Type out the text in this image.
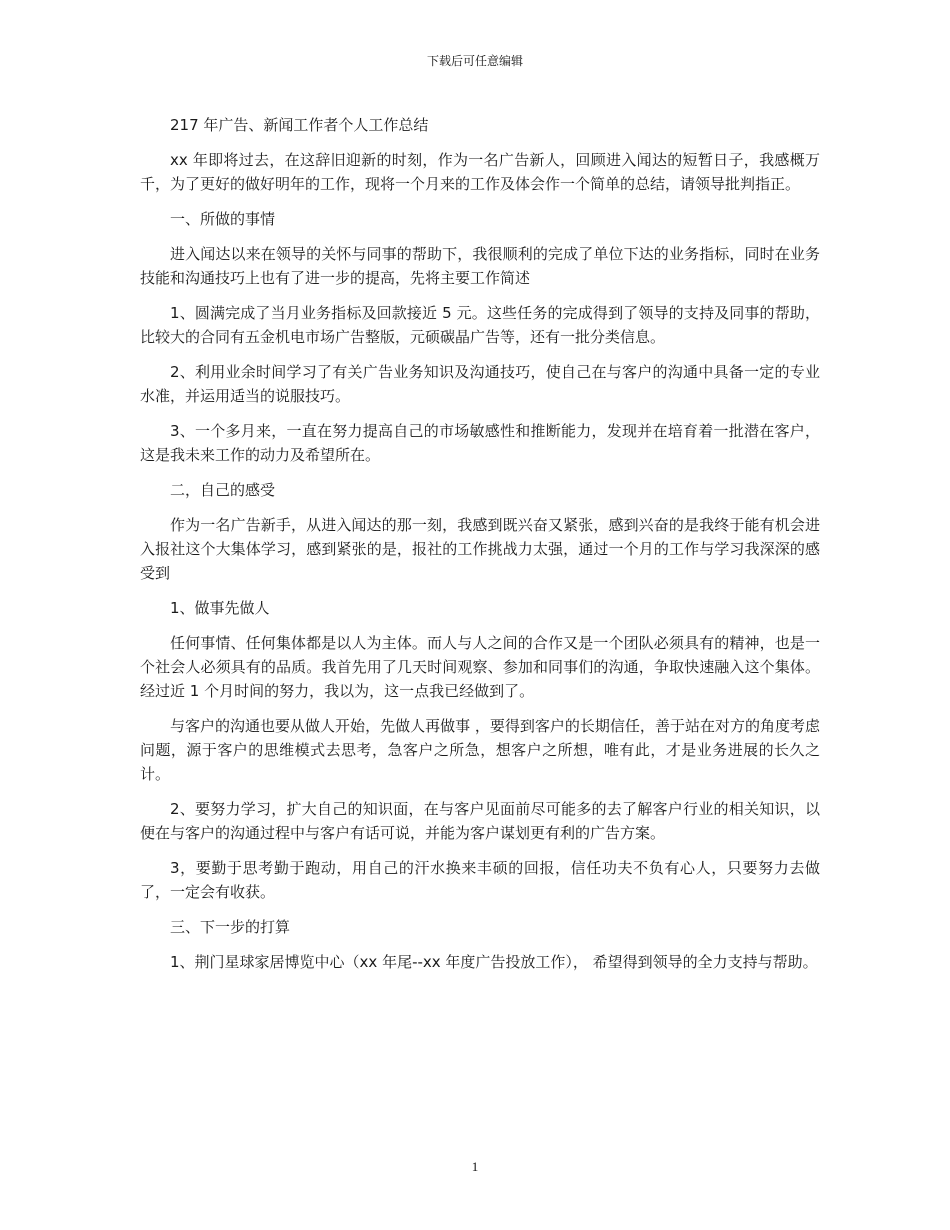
下载后可任意编辑

217 年广告、新闻工作者个人工作总结

xx 年即将过去，在这辞旧迎新的时刻，作为一名广告新人，回顾进入闻达的短暂日子，我感概万千，为了更好的做好明年的工作，现将一个月来的工作及体会作一个简单的总结，请领导批判指正。

一、所做的事情

进入闻达以来在领导的关怀与同事的帮助下，我很顺利的完成了单位下达的业务指标，同时在业务技能和沟通技巧上也有了进一步的提高，先将主要工作简述

1、圆满完成了当月业务指标及回款接近 5 元。这些任务的完成得到了领导的支持及同事的帮助，比较大的合同有五金机电市场广告整版，元硕碳晶广告等，还有一批分类信息。

2、利用业余时间学习了有关广告业务知识及沟通技巧，使自己在与客户的沟通中具备一定的专业水准，并运用适当的说服技巧。

3、一个多月来，一直在努力提高自己的市场敏感性和推断能力，发现并在培育着一批潜在客户，这是我未来工作的动力及希望所在。

二，自己的感受

作为一名广告新手，从进入闻达的那一刻，我感到既兴奋又紧张，感到兴奋的是我终于能有机会进入报社这个大集体学习，感到紧张的是，报社的工作挑战力太强，通过一个月的工作与学习我深深的感受到

1、做事先做人

任何事情、任何集体都是以人为主体。而人与人之间的合作又是一个团队必须具有的精神，也是一个社会人必须具有的品质。我首先用了几天时间观察、参加和同事们的沟通，争取快速融入这个集体。经过近 1 个月时间的努力，我以为，这一点我已经做到了。

与客户的沟通也要从做人开始，先做人再做事 ，要得到客户的长期信任，善于站在对方的角度考虑问题，源于客户的思维模式去思考，急客户之所急，想客户之所想，唯有此，才是业务进展的长久之计。

2、要努力学习，扩大自己的知识面，在与客户见面前尽可能多的去了解客户行业的相关知识，以便在与客户的沟通过程中与客户有话可说，并能为客户谋划更有利的广告方案。

3，要勤于思考勤于跑动，用自己的汗水换来丰硕的回报，信任功夫不负有心人，只要努力去做了，一定会有收获。

三、下一步的打算

1、荆门星球家居博览中心（xx 年尾--xx 年度广告投放工作）， 希望得到领导的全力支持与帮助。

1
